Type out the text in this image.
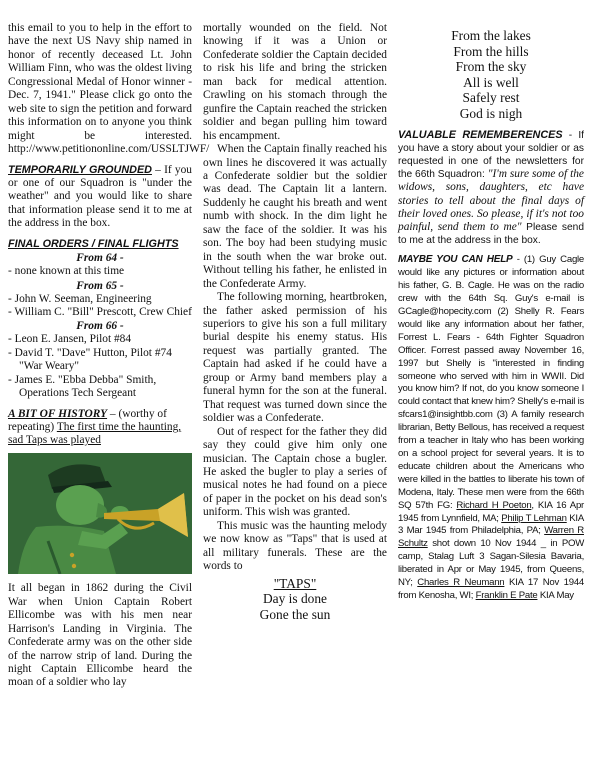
this email to you to help in the effort to have the next US Navy ship named in honor of recently deceased Lt. John William Finn, who was the oldest living Congressional Medal of Honor winner - Dec. 7, 1941." Please click go onto the web site to sign the petition and forward this information on to anyone you think might be interested. http://www.petitiononline.com/USSLTJWF/

TEMPORARILY GROUNDED – If you or one of our Squadron is "under the weather" and you would like to share that information please send it to me at the address in the box.

FINAL ORDERS / FINAL FLIGHTS

From 64 -

- none known at this time

From 65 -

- John W. Seeman, Engineering
- William C. "Bill" Prescott, Crew Chief

From 66 -

- Leon E. Jansen, Pilot #84
- David T. "Dave" Hutton, Pilot #74 "War Weary"
- James E. "Ebba Debba" Smith, Operations Tech Sergeant

A BIT OF HISTORY – (worthy of repeating) The first time the haunting, sad Taps was played

It all began in 1862 during the Civil War when Union Captain Robert Ellicombe was with his men near Harrison's Landing in Virginia. The Confederate army was on the other side of the narrow strip of land. During the night Captain Ellicombe heard the moan of a soldier who lay

mortally wounded on the field. Not knowing if it was a Union or Confederate soldier the Captain decided to risk his life and bring the stricken man back for medical attention. Crawling on his stomach through the gunfire the Captain reached the stricken soldier and began pulling him toward his encampment.

When the Captain finally reached his own lines he discovered it was actually a Confederate soldier but the soldier was dead. The Captain lit a lantern. Suddenly he caught his breath and went numb with shock. In the dim light he saw the face of the soldier. It was his son. The boy had been studying music in the south when the war broke out. Without telling his father, he enlisted in the Confederate Army.

The following morning, heartbroken, the father asked permission of his superiors to give his son a full military burial despite his enemy status. His request was partially granted. The Captain had asked if he could have a group or Army band members play a funeral hymn for the son at the funeral. That request was turned down since the soldier was a Confederate.

Out of respect for the father they did say they could give him only one musician. The Captain chose a bugler. He asked the bugler to play a series of musical notes he had found on a piece of paper in the pocket on his dead son's uniform. This wish was granted.

This music was the haunting melody we now know as "Taps" that is used at all military funerals. These are the words to

"TAPS"
Day is done
Gone the sun
From the lakes
From the hills
From the sky
All is well
Safely rest
God is nigh

VALUABLE REMEMBERENCES - If you have a story about your soldier or as requested in one of the newsletters for the 66th Squadron: "I'm sure some of the widows, sons, daughters, etc have stories to tell about the final days of their loved ones. So please, if it's not too painful, send them to me" Please send to me at the address in the box.

MAYBE YOU CAN HELP - (1) Guy Cagle would like any pictures or information about his father, G. B. Cagle. He was on the radio crew with the 64th Sq. Guy's e-mail is GCagle@hopecity.com (2) Shelly R. Fears would like any information about her father, Forrest L. Fears - 64th Fighter Squadron Officer. Forrest passed away November 16, 1997 but Shelly is "interested in finding someone who served with him in WWII. Did you know him? If not, do you know someone I could contact that knew him? Shelly's e-mail is sfcars1@insightbb.com (3) A family research librarian, Betty Bellous, has received a request from a teacher in Italy who has been working on a school project for several years. It is to educate children about the Americans who were killed in the battles to liberate his town of Modena, Italy. These men were from the 66th SQ 57th FG: Richard H Poeton, KIA 16 Apr 1945 from Lynnfield, MA; Philip T Lehman KIA 3 Mar 1945 from Philadelphia, PA; Warren R Schultz shot down 10 Nov 1944 _ in POW camp, Stalag Luft 3 Sagan-Silesia Bavaria, liberated in Apr or May 1945, from Queens, NY; Charles R Neumann KIA 17 Nov 1944 from Kenosha, WI; Franklin E Pate KIA May
